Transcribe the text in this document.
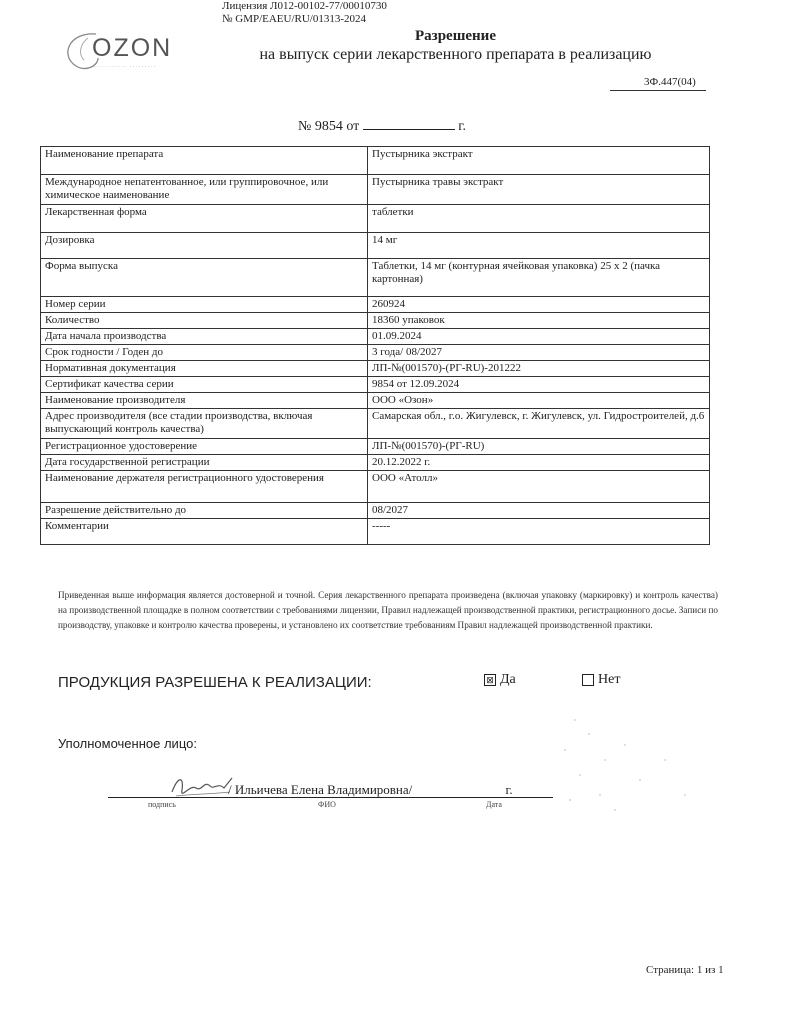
OZON
··········· ·········
Лицензия Л012-00102-77/00010730
№ GMP/EAEU/RU/01313-2024
Разрешение
на выпуск серии лекарственного препарата в реализацию
3Ф.447(04)
№ 9854 от	г.
Наименование препарата	Пустырника экстракт
Международное непатентованное, или группировочное, или химическое наименование	Пустырника травы экстракт
Лекарственная форма	таблетки
Дозировка	14 мг
Форма выпуска	Таблетки, 14 мг (контурная ячейковая упаковка) 25 х 2 (пачка картонная)
Номер серии	260924
Количество	18360 упаковок
Дата начала производства	01.09.2024
Срок годности / Годен до	3 года/ 08/2027
Нормативная документация	ЛП-№(001570)-(РГ-RU)-201222
Сертификат качества серии	9854 от 12.09.2024
Наименование производителя	ООО «Озон»
Адрес производителя (все стадии производства, включая выпускающий контроль качества)	Самарская обл., г.о. Жигулевск, г. Жигулевск, ул. Гидростроителей, д.6
Регистрационное удостоверение	ЛП-№(001570)-(РГ-RU)
Дата государственной регистрации	20.12.2022 г.
Наименование держателя регистрационного удостоверения	ООО «Атолл»
Разрешение действительно до	08/2027
Комментарии	-----
Приведенная выше информация является достоверной и точной. Серия лекарственного препарата произведена (включая упаковку (маркировку) и контроль качества) на производственной площадке в полном соответствии с требованиями лицензии, Правил надлежащей производственной практики, регистрационного досье. Записи по производству, упаковке и контролю качества проверены, и установлено их соответствие требованиям Правил надлежащей производственной практики.
ПРОДУКЦИЯ РАЗРЕШЕНА К РЕАЛИЗАЦИИ:	⊠ Да	Нет
Уполномоченное лицо:
/ Ильичева Елена Владимировна/	г.
подпись	ФИО	Дата
Страница: 1 из 1
